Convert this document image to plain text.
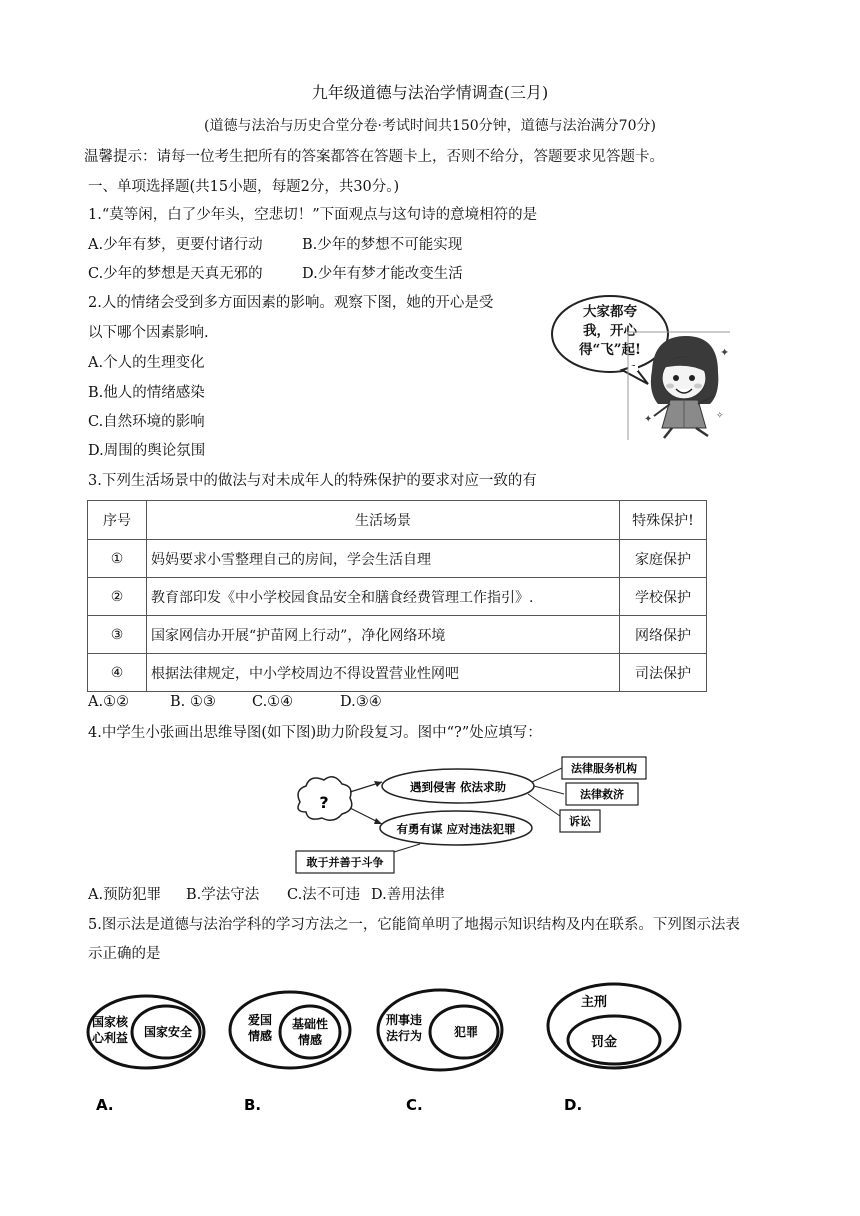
九年级道德与法治学情调查(三月)
(道德与法治与历史合堂分卷·考试时间共150分钟，道德与法治满分70分)
温馨提示：请每一位考生把所有的答案都答在答题卡上，否则不给分，答题要求见答题卡。
一、单项选择题(共15小题，每题2分，共30分。)
1.“莫等闲，白了少年头，空悲切！”下面观点与这句诗的意境相符的是
A.少年有梦，更要付诸行动	B.少年的梦想不可能实现
C.少年的梦想是天真无邪的	D.少年有梦才能改变生活
2.人的情绪会受到多方面因素的影响。观察下图，她的开心是受
以下哪个因素影响.
A.个人的生理变化
B.他人的情绪感染
C.自然环境的影响
D.周围的舆论氛围
大家都夸
我，开心
得“飞”起!	✦
✦	✧
3.下列生活场景中的做法与对未成年人的特殊保护的要求对应一致的有
序号	生活场景	特殊保护!
①	妈妈要求小雪整理自己的房间，学会生活自理	家庭保护
②	教育部印发《中小学校园食品安全和膳食经费管理工作指引》.	学校保护
③	国家网信办开展“护苗网上行动”，净化网络环境	网络保护
④	根据法律规定，中小学校周边不得设置营业性网吧	司法保护
A.①②	B. ①③ C.①④	D.③④
4.中学生小张画出思维导图(如下图)助力阶段复习。图中“?”处应填写：
?
遇到侵害 依法求助
有勇有谋 应对违法犯罪
法律服务机构
法律救济
诉讼
敢于并善于斗争
A.预防犯罪 B.学法守法 C.法不可违 D.善用法律
5.图示法是道德与法治学科的学习方法之一，它能简单明了地揭示知识结构及内在联系。下列图示法表
示正确的是
国家核
心利益 国家安全
A.
爱国
情感
基础性
情感
B.
刑事违
法行为	犯罪
C.
主刑
罚金
D.
